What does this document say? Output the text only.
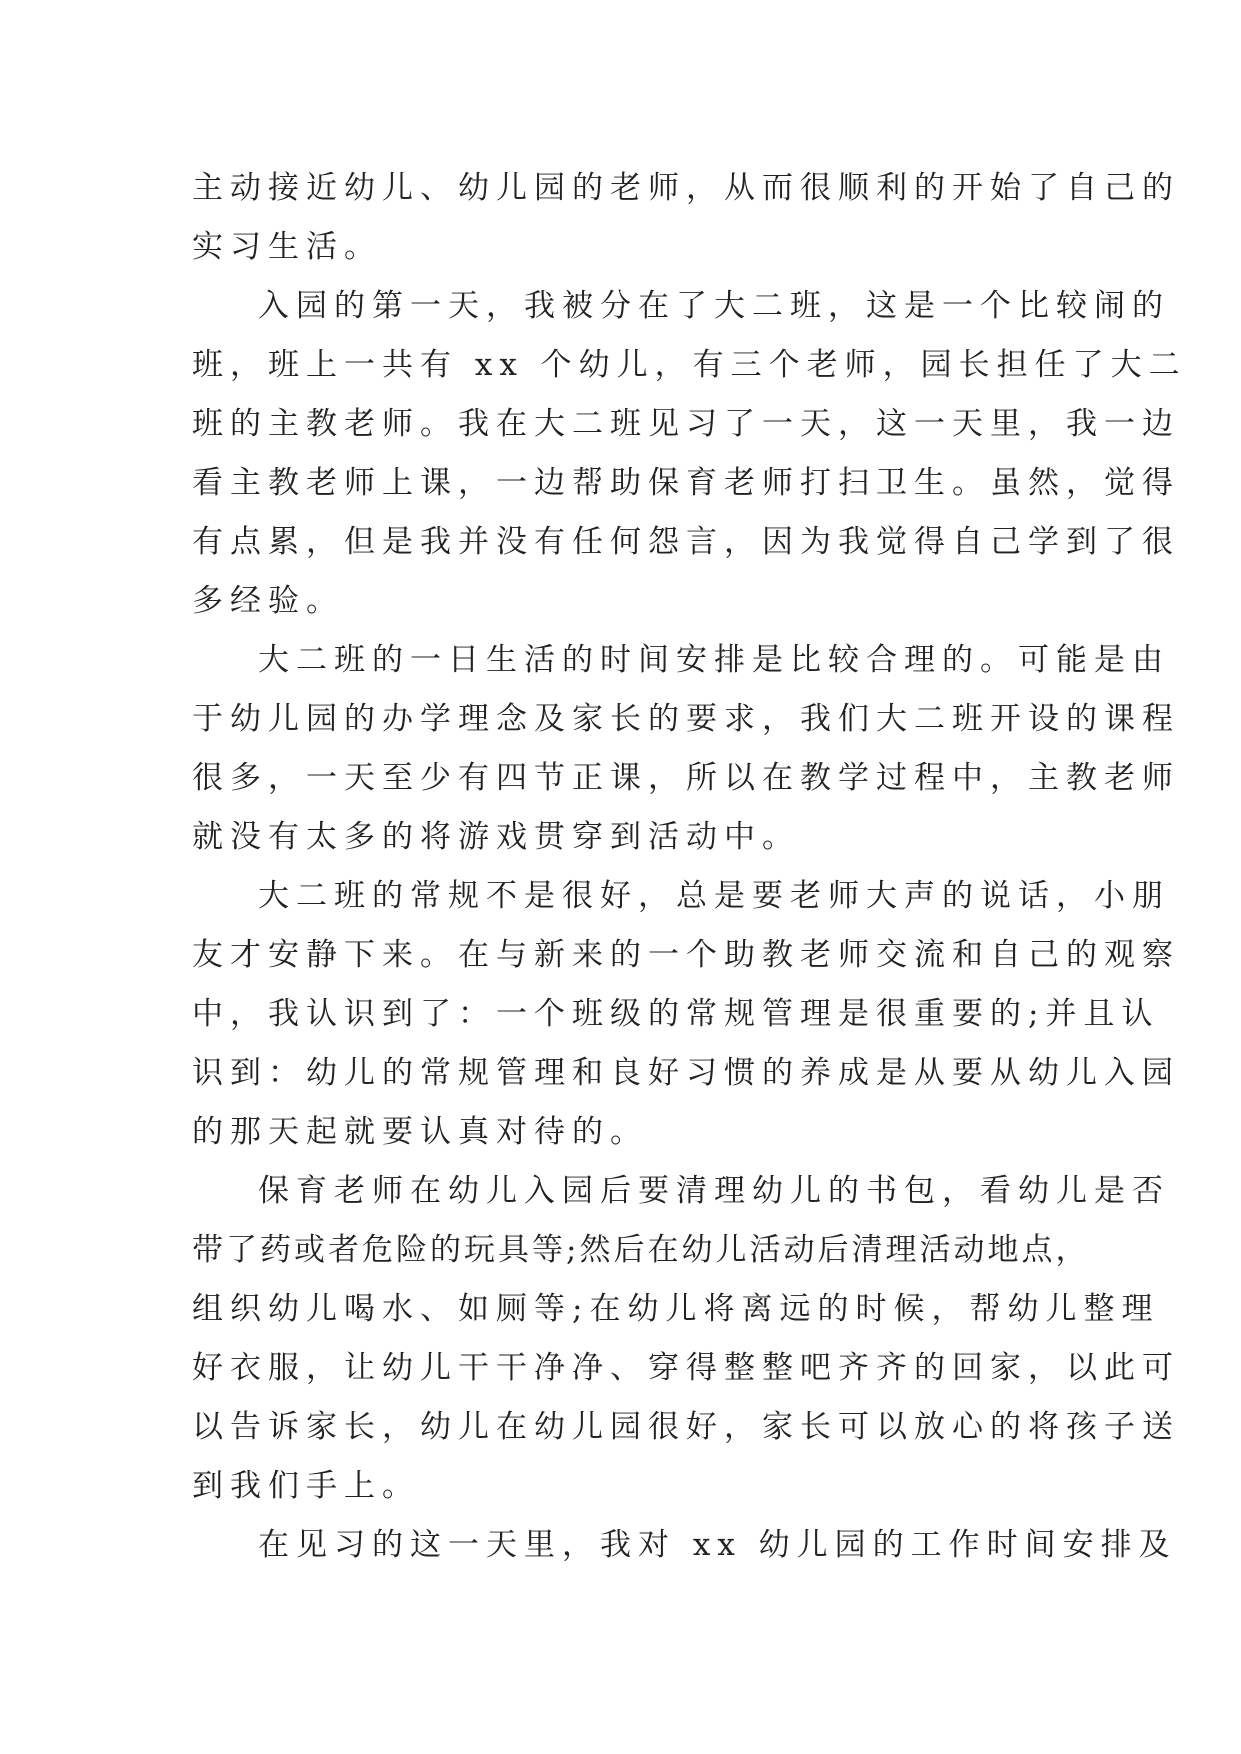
主动接近幼儿、幼儿园的老师，从而很顺利的开始了自己的
实习生活。
入园的第一天，我被分在了大二班，这是一个比较闹的
班，班上一共有 xx 个幼儿，有三个老师，园长担任了大二
班的主教老师。我在大二班见习了一天，这一天里，我一边
看主教老师上课，一边帮助保育老师打扫卫生。虽然，觉得
有点累，但是我并没有任何怨言，因为我觉得自己学到了很
多经验。
大二班的一日生活的时间安排是比较合理的。可能是由
于幼儿园的办学理念及家长的要求，我们大二班开设的课程
很多，一天至少有四节正课，所以在教学过程中，主教老师
就没有太多的将游戏贯穿到活动中。
大二班的常规不是很好，总是要老师大声的说话，小朋
友才安静下来。在与新来的一个助教老师交流和自己的观察
中，我认识到了：一个班级的常规管理是很重要的;并且认
识到：幼儿的常规管理和良好习惯的养成是从要从幼儿入园
的那天起就要认真对待的。
保育老师在幼儿入园后要清理幼儿的书包，看幼儿是否
带了药或者危险的玩具等;然后在幼儿活动后清理活动地点，
组织幼儿喝水、如厕等;在幼儿将离远的时候，帮幼儿整理
好衣服，让幼儿干干净净、穿得整整吧齐齐的回家，以此可
以告诉家长，幼儿在幼儿园很好，家长可以放心的将孩子送
到我们手上。
在见习的这一天里，我对 xx 幼儿园的工作时间安排及
